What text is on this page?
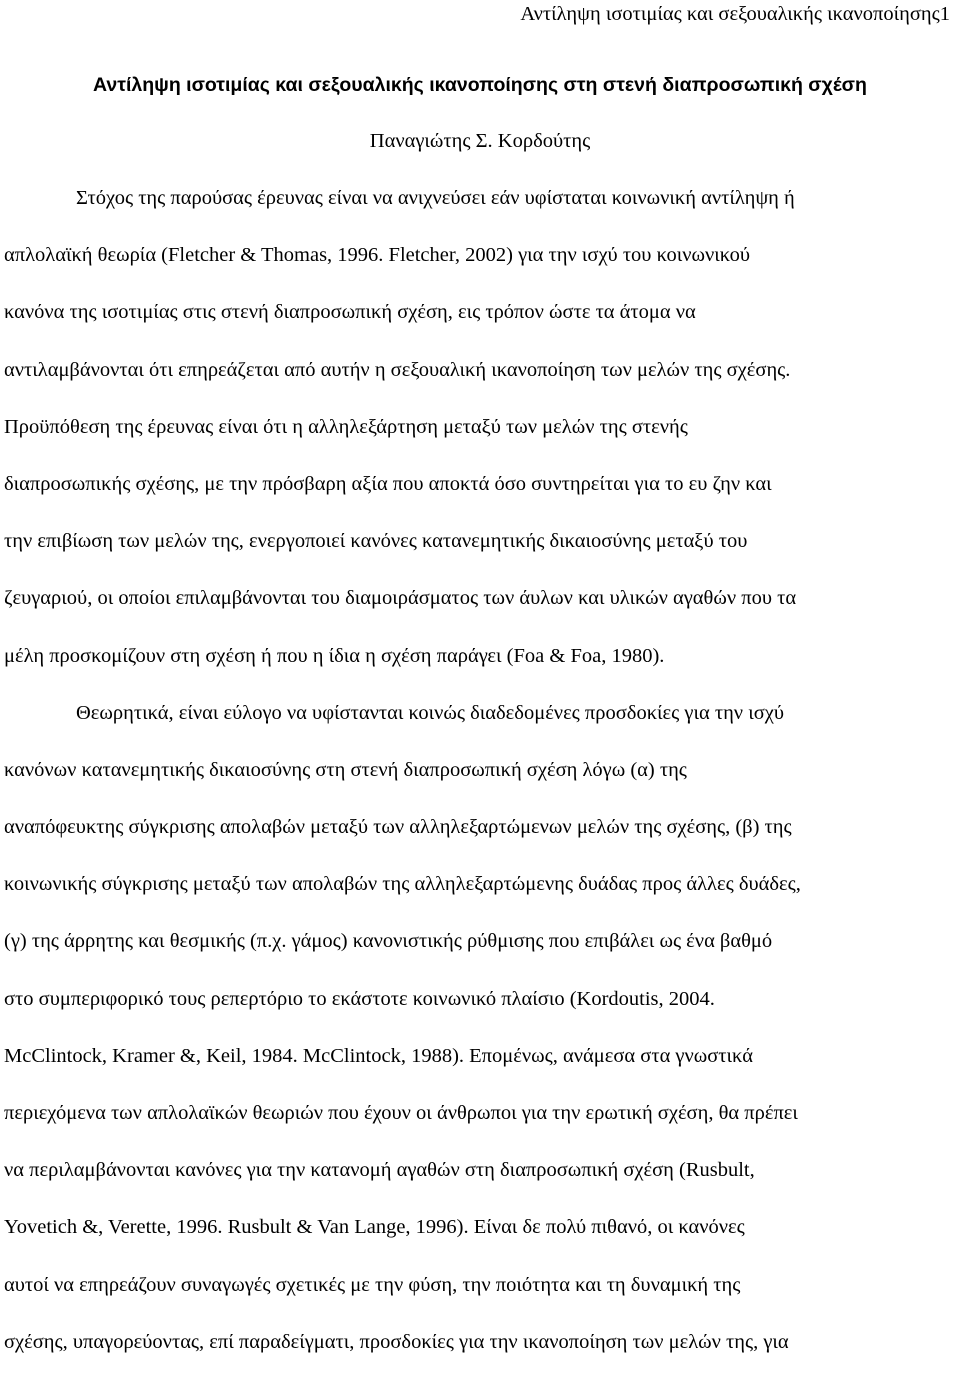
Αντίληψη ισοτιμίας και σεξουαλικής ικανοποίησης1
Αντίληψη ισοτιμίας και σεξουαλικής ικανοποίησης στη στενή διαπροσωπική σχέση
Παναγιώτης Σ. Κορδούτης
Στόχος της παρούσας έρευνας είναι να ανιχνεύσει εάν υφίσταται κοινωνική αντίληψη ή
απλολαϊκή θεωρία (Fletcher & Thomas, 1996. Fletcher, 2002) για την ισχύ του κοινωνικού
κανόνα της ισοτιμίας στις στενή διαπροσωπική σχέση, εις τρόπον ώστε τα άτομα να
αντιλαμβάνονται ότι επηρεάζεται από αυτήν η σεξουαλική ικανοποίηση των μελών της σχέσης.
Προϋπόθεση της έρευνας είναι ότι η αλληλεξάρτηση μεταξύ των μελών της στενής
διαπροσωπικής σχέσης, με την πρόσβαρη αξία που αποκτά όσο συντηρείται για το ευ ζην και
την επιβίωση των μελών της, ενεργοποιεί κανόνες κατανεμητικής δικαιοσύνης μεταξύ του
ζευγαριού, οι οποίοι επιλαμβάνονται του διαμοιράσματος των άυλων και υλικών αγαθών που τα
μέλη προσκομίζουν στη σχέση ή που η ίδια η σχέση παράγει (Foa & Foa, 1980).
Θεωρητικά, είναι εύλογο να υφίστανται κοινώς διαδεδομένες προσδοκίες για την ισχύ
κανόνων κατανεμητικής δικαιοσύνης στη στενή διαπροσωπική σχέση λόγω (α) της
αναπόφευκτης σύγκρισης απολαβών μεταξύ των αλληλεξαρτώμενων μελών της σχέσης, (β) της
κοινωνικής σύγκρισης μεταξύ των απολαβών της αλληλεξαρτώμενης δυάδας προς άλλες δυάδες,
(γ) της άρρητης και θεσμικής (π.χ. γάμος) κανονιστικής ρύθμισης που επιβάλει ως ένα βαθμό
στο συμπεριφορικό τους ρεπερτόριο το εκάστοτε κοινωνικό πλαίσιο (Kordoutis, 2004.
McClintock, Kramer &, Keil, 1984. McClintock, 1988). Επομένως, ανάμεσα στα γνωστικά
περιεχόμενα των απλολαϊκών θεωριών που έχουν οι άνθρωποι για την ερωτική σχέση, θα πρέπει
να περιλαμβάνονται κανόνες για την κατανομή αγαθών στη διαπροσωπική σχέση (Rusbult,
Yovetich &, Verette, 1996. Rusbult & Van Lange, 1996). Είναι δε πολύ πιθανό, οι κανόνες
αυτοί να επηρεάζουν συναγωγές σχετικές με την φύση, την ποιότητα και τη δυναμική της
σχέσης, υπαγορεύοντας, επί παραδείγματι, προσδοκίες για την ικανοποίηση των μελών της, για
